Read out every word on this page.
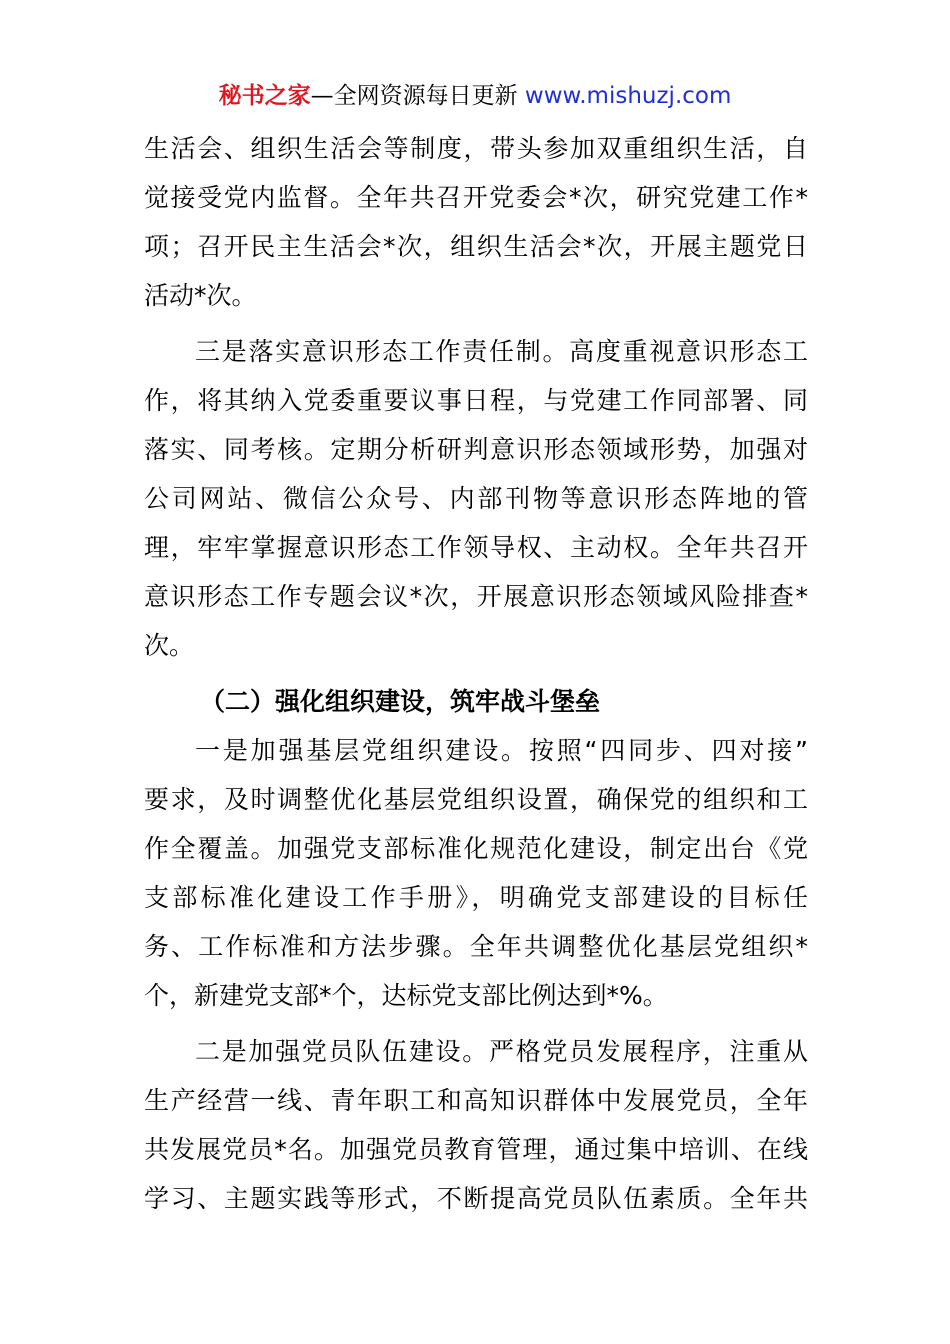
秘书之家—全网资源每日更新 www.mishuzj.com
生活会、组织生活会等制度，带头参加双重组织生活，自
觉接受党内监督。全年共召开党委会*次，研究党建工作*
项；召开民主生活会*次，组织生活会*次，开展主题党日
活动*次。
三是落实意识形态工作责任制。高度重视意识形态工
作，将其纳入党委重要议事日程，与党建工作同部署、同
落实、同考核。定期分析研判意识形态领域形势，加强对
公司网站、微信公众号、内部刊物等意识形态阵地的管
理，牢牢掌握意识形态工作领导权、主动权。全年共召开
意识形态工作专题会议*次，开展意识形态领域风险排查*
次。
（二）强化组织建设，筑牢战斗堡垒
一是加强基层党组织建设。按照“四同步、四对接”
要求，及时调整优化基层党组织设置，确保党的组织和工
作全覆盖。加强党支部标准化规范化建设，制定出台《党
支部标准化建设工作手册》，明确党支部建设的目标任
务、工作标准和方法步骤。全年共调整优化基层党组织*
个，新建党支部*个，达标党支部比例达到*%。
二是加强党员队伍建设。严格党员发展程序，注重从
生产经营一线、青年职工和高知识群体中发展党员，全年
共发展党员*名。加强党员教育管理，通过集中培训、在线
学习、主题实践等形式，不断提高党员队伍素质。全年共
